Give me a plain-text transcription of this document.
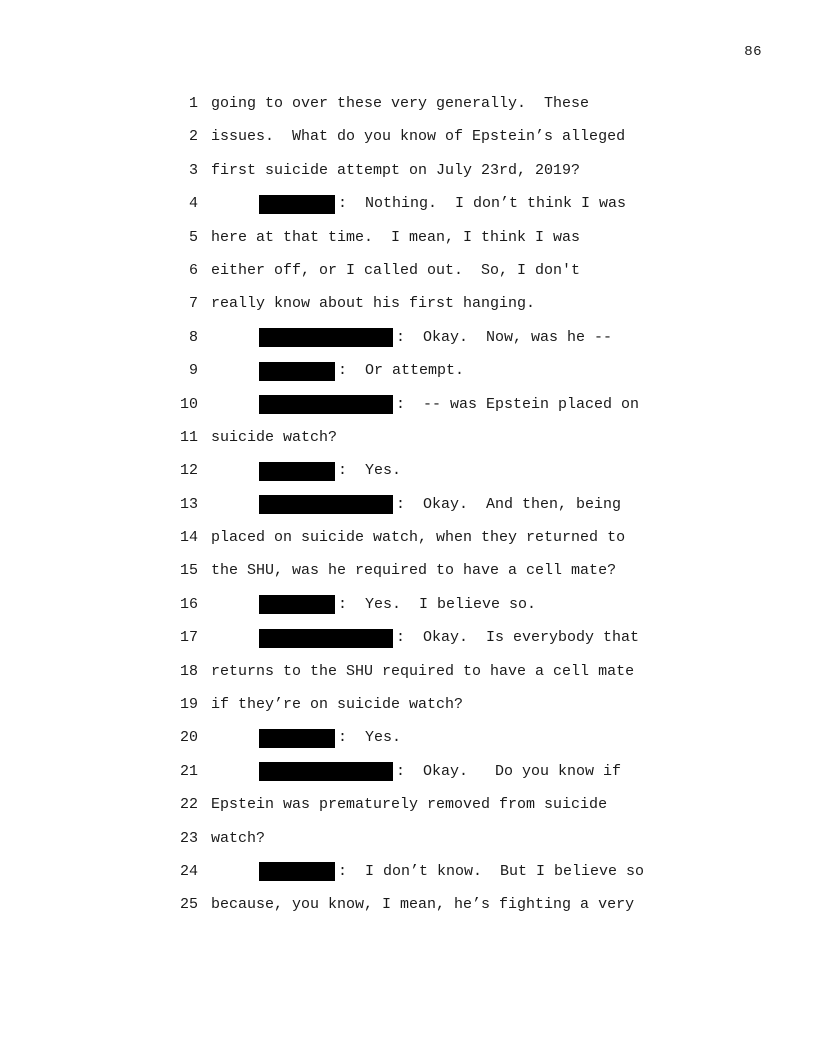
86
1 going to over these very generally.  These
2 issues.  What do you know of Epstein’s alleged
3 first suicide attempt on July 23rd, 2019?
4	:  Nothing.  I don’t think I was
5 here at that time.  I mean, I think I was
6 either off, or I called out.  So, I don't
7 really know about his first hanging.
8	:  Okay.  Now, was he --
9	:  Or attempt.
10	:  -- was Epstein placed on
11 suicide watch?
12	:  Yes.
13	:  Okay.  And then, being
14 placed on suicide watch, when they returned to
15 the SHU, was he required to have a cell mate?
16	:  Yes.  I believe so.
17	:  Okay.  Is everybody that
18 returns to the SHU required to have a cell mate
19 if they’re on suicide watch?
20	:  Yes.
21	:  Okay.   Do you know if
22 Epstein was prematurely removed from suicide
23 watch?
24	:  I don’t know.  But I believe so
25 because, you know, I mean, he’s fighting a very
